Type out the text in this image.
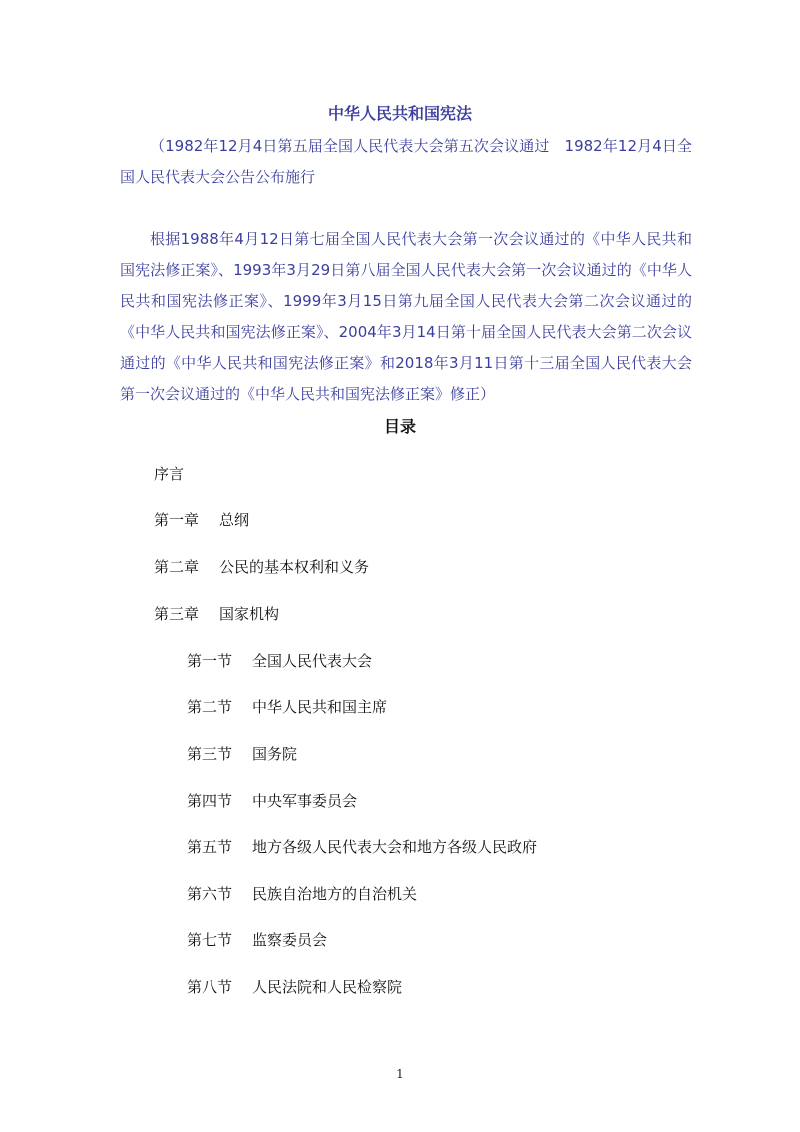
中华人民共和国宪法
（1982年12月4日第五届全国人民代表大会第五次会议通过　1982年12月4日全国人民代表大会公告公布施行
根据1988年4月12日第七届全国人民代表大会第一次会议通过的《中华人民共和国宪法修正案》、1993年3月29日第八届全国人民代表大会第一次会议通过的《中华人民共和国宪法修正案》、1999年3月15日第九届全国人民代表大会第二次会议通过的《中华人民共和国宪法修正案》、2004年3月14日第十届全国人民代表大会第二次会议通过的《中华人民共和国宪法修正案》和2018年3月11日第十三届全国人民代表大会第一次会议通过的《中华人民共和国宪法修正案》修正）
目录
序言
第一章 总纲
第二章 公民的基本权利和义务
第三章 国家机构
第一节 全国人民代表大会
第二节 中华人民共和国主席
第三节 国务院
第四节 中央军事委员会
第五节 地方各级人民代表大会和地方各级人民政府
第六节 民族自治地方的自治机关
第七节 监察委员会
第八节 人民法院和人民检察院
1
